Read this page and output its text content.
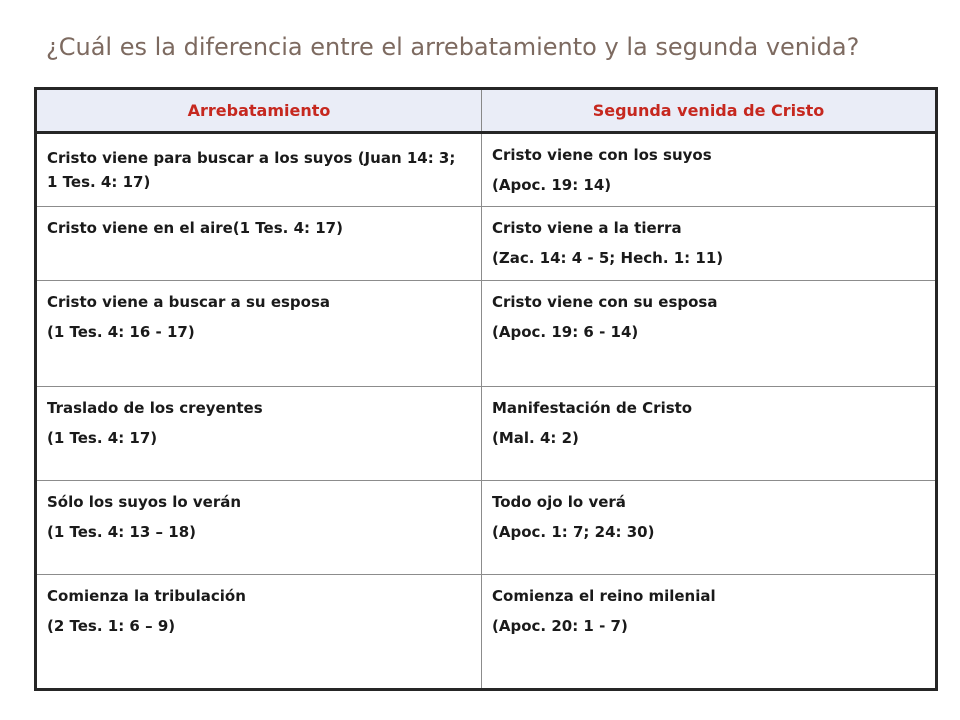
¿Cuál es la diferencia entre el arrebatamiento y la segunda venida?
Arrebatamiento	Segunda venida de Cristo

Cristo viene para buscar a los suyos (Juan 14: 3; 1 Tes. 4: 17)	Cristo viene con los suyos
(Apoc. 19: 14)

Cristo viene en el aire(1 Tes. 4: 17)	Cristo viene a la tierra
(Zac. 14: 4 - 5; Hech. 1: 11)

Cristo viene a buscar a su esposa
(1 Tes. 4: 16 - 17)	Cristo viene con su esposa
(Apoc. 19: 6 - 14)

Traslado de los creyentes
(1 Tes. 4: 17)	Manifestación de Cristo
(Mal. 4: 2)

Sólo los suyos lo verán
(1 Tes. 4: 13 – 18)	Todo ojo lo verá
(Apoc. 1: 7; 24: 30)

Comienza la tribulación
(2 Tes. 1: 6 – 9)	Comienza el reino milenial
(Apoc. 20: 1 - 7)
